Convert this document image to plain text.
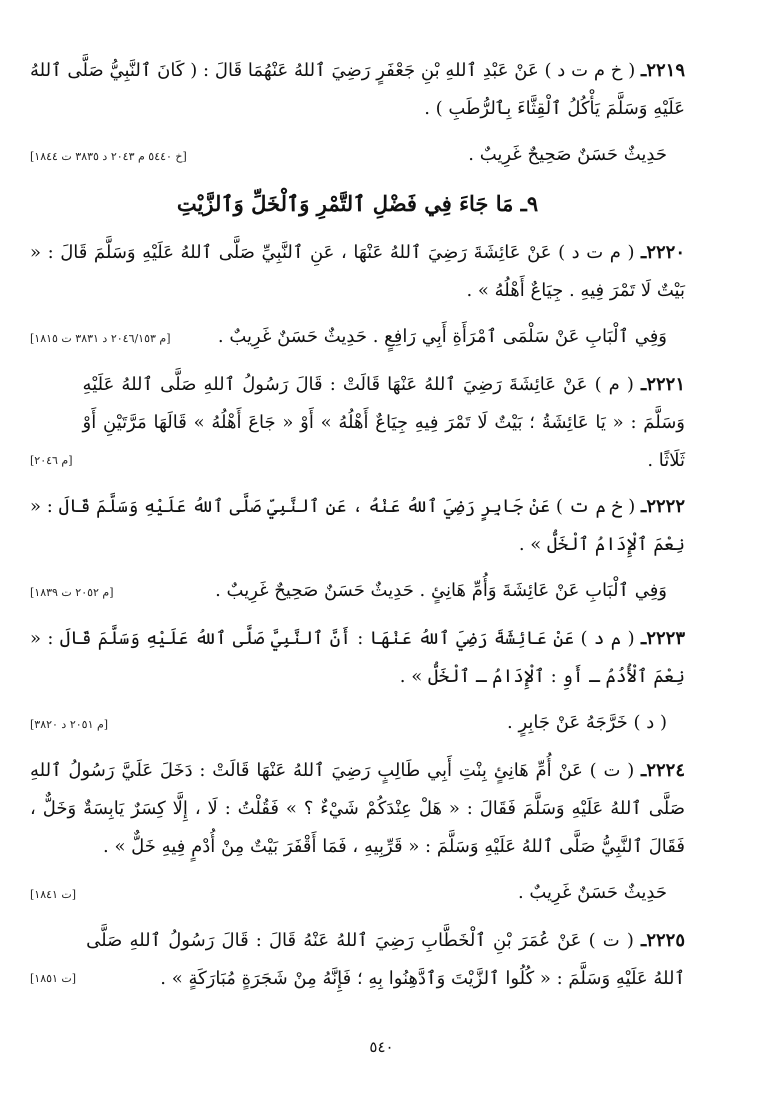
٢٢١٩ـ ( خ م ت د ) عَنْ عَبْدِ ٱللهِ بْنِ جَعْفَرٍ رَضِيَ ٱللهُ عَنْهُمَا قَالَ : ( كَانَ ٱلنَّبِيُّ صَلَّى ٱللهُ عَلَيْهِ وَسَلَّمَ يَأْكُلُ ٱلْقِثَّاءَ بِٱلرُّطَبِ ) .

حَدِيثٌ حَسَنٌ صَحِيحٌ غَرِيبٌ .
[خ ٥٤٤٠ م ٢٠٤٣ د ٣٨٣٥ ت ١٨٤٤]
٩ـ مَا جَاءَ فِي فَضْلِ ٱلتَّمْرِ وَٱلْخَلِّ وَٱلزَّيْتِ

٢٢٢٠ـ ( م ت د ) عَنْ عَائِشَةَ رَضِيَ ٱللهُ عَنْهَا ، عَنِ ٱلنَّبِيِّ صَلَّى ٱللهُ عَلَيْهِ وَسَلَّمَ قَالَ : « بَيْتٌ لَا تَمْرَ فِيهِ . جِيَاعٌ أَهْلُهُ » .

وَفِي ٱلْبَابِ عَنْ سَلْمَى ٱمْرَأَةِ أَبِي رَافِعٍ . حَدِيثٌ حَسَنٌ غَرِيبٌ .
[م ٢٠٤٦/١٥٣ د ٣٨٣١ ت ١٨١٥]

٢٢٢١ـ ( م ) عَنْ عَائِشَةَ رَضِيَ ٱللهُ عَنْهَا قَالَتْ : قَالَ رَسُولُ ٱللهِ صَلَّى ٱللهُ عَلَيْهِ وَسَلَّمَ : « يَا عَائِشَةُ ؛ بَيْتٌ لَا تَمْرَ فِيهِ جِيَاعٌ أَهْلُهُ » أَوْ « جَاعَ أَهْلُهُ » قَالَهَا مَرَّتَيْنِ أَوْ ثَلَاثًا .

[م ٢٠٤٦]

٢٢٢٢ـ ( خ م ت ) عَنْ جَابِرٍ رَضِيَ ٱللهُ عَنْهُ ، عَنِ ٱلنَّبِيِّ صَلَّى ٱللهُ عَلَيْهِ وَسَلَّمَ قَالَ : « نِعْمَ ٱلْإِدَامُ ٱلْخَلُّ » .

وَفِي ٱلْبَابِ عَنْ عَائِشَةَ وَأُمِّ هَانِئٍ . حَدِيثٌ حَسَنٌ صَحِيحٌ غَرِيبٌ .
[م ٢٠٥٢ ت ١٨٣٩]

٢٢٢٣ـ ( م د ) عَنْ عَائِشَةَ رَضِيَ ٱللهُ عَنْهَا : أَنَّ ٱلنَّبِيَّ صَلَّى ٱللهُ عَلَيْهِ وَسَلَّمَ قَالَ : « نِعْمَ ٱلْأُدُمُ ـ أَوِ : ٱلْإِدَامُ ـ ٱلْخَلُّ » .

( د ) خَرَّجَهُ عَنْ جَابِرٍ .
[م ٢٠٥١ د ٣٨٢٠]

٢٢٢٤ـ ( ت ) عَنْ أُمِّ هَانِئٍ بِنْتِ أَبِي طَالِبٍ رَضِيَ ٱللهُ عَنْهَا قَالَتْ : دَخَلَ عَلَيَّ رَسُولُ ٱللهِ صَلَّى ٱللهُ عَلَيْهِ وَسَلَّمَ فَقَالَ : « هَلْ عِنْدَكُمْ شَيْءٌ ؟ » فَقُلْتُ : لَا ، إِلَّا كِسَرٌ يَابِسَةٌ وَخَلٌّ ، فَقَالَ ٱلنَّبِيُّ صَلَّى ٱللهُ عَلَيْهِ وَسَلَّمَ : « قَرِّبِيهِ ، فَمَا أَقْفَرَ بَيْتٌ مِنْ أُدْمٍ فِيهِ خَلٌّ » .

حَدِيثٌ حَسَنٌ غَرِيبٌ .
[ت ١٨٤١]

٢٢٢٥ـ ( ت ) عَنْ عُمَرَ بْنِ ٱلْخَطَّابِ رَضِيَ ٱللهُ عَنْهُ قَالَ : قَالَ رَسُولُ ٱللهِ صَلَّى ٱللهُ عَلَيْهِ وَسَلَّمَ : « كُلُوا ٱلزَّيْتَ وَٱدَّهِنُوا بِهِ ؛ فَإِنَّهُ مِنْ شَجَرَةٍ مُبَارَكَةٍ » .

[ت ١٨٥١]
٥٤٠
